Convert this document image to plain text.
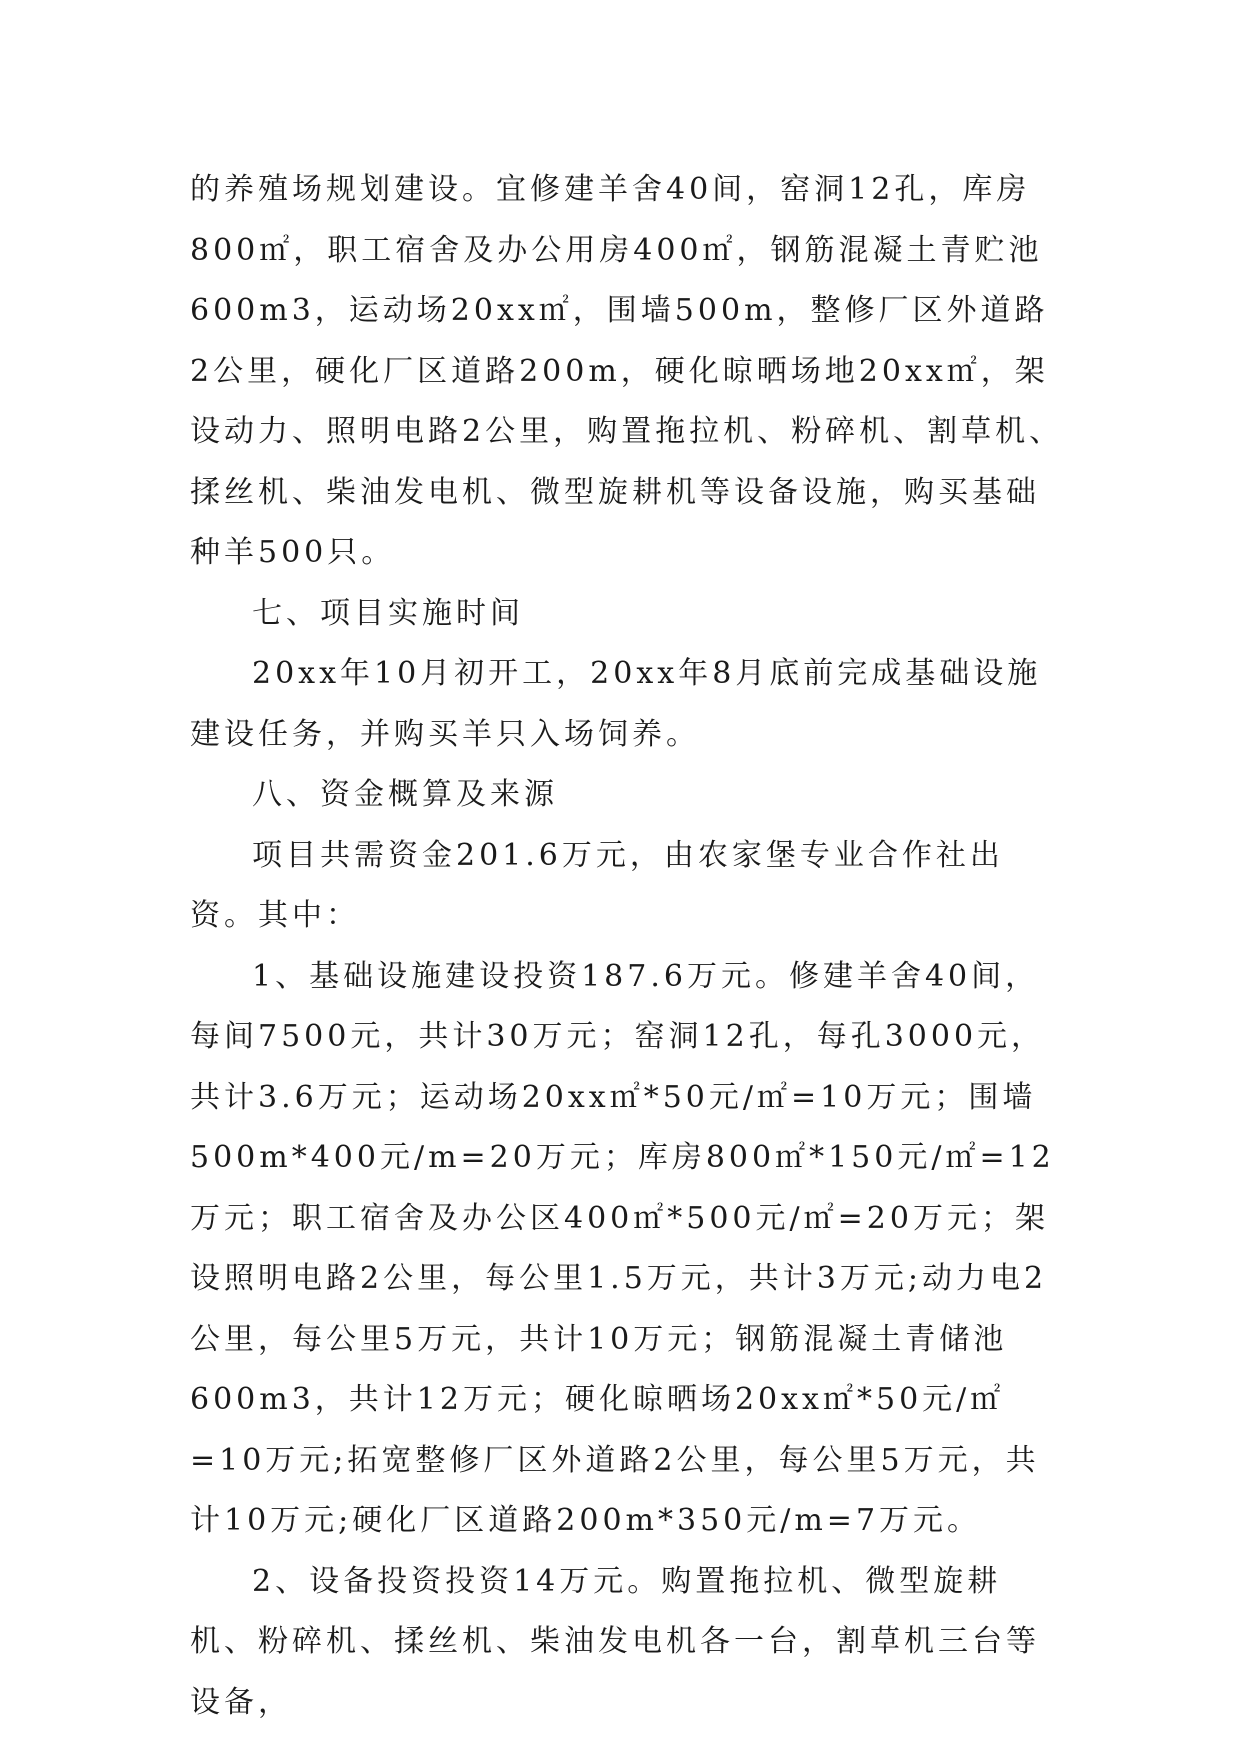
的养殖场规划建设。宜修建羊舍40间，窑洞12孔，库房800㎡，职工宿舍及办公用房400㎡，钢筋混凝土青贮池600m3，运动场20xx㎡，围墙500m，整修厂区外道路2公里，硬化厂区道路200m，硬化晾晒场地20xx㎡，架设动力、照明电路2公里，购置拖拉机、粉碎机、割草机、揉丝机、柴油发电机、微型旋耕机等设备设施，购买基础种羊500只。

七、项目实施时间

20xx年10月初开工，20xx年8月底前完成基础设施建设任务，并购买羊只入场饲养。

八、资金概算及来源

项目共需资金201.6万元，由农家堡专业合作社出资。其中：

1、基础设施建设投资187.6万元。修建羊舍40间，每间7500元，共计30万元；窑洞12孔，每孔3000元，共计3.6万元；运动场20xx㎡*50元/㎡=10万元；围墙500m*400元/m=20万元；库房800㎡*150元/㎡=12万元；职工宿舍及办公区400㎡*500元/㎡=20万元；架设照明电路2公里，每公里1.5万元，共计3万元;动力电2公里，每公里5万元，共计10万元；钢筋混凝土青储池600m3，共计12万元；硬化晾晒场20xx㎡*50元/㎡=10万元;拓宽整修厂区外道路2公里，每公里5万元，共计10万元;硬化厂区道路200m*350元/m=7万元。

2、设备投资投资14万元。购置拖拉机、微型旋耕机、粉碎机、揉丝机、柴油发电机各一台，割草机三台等设备，
